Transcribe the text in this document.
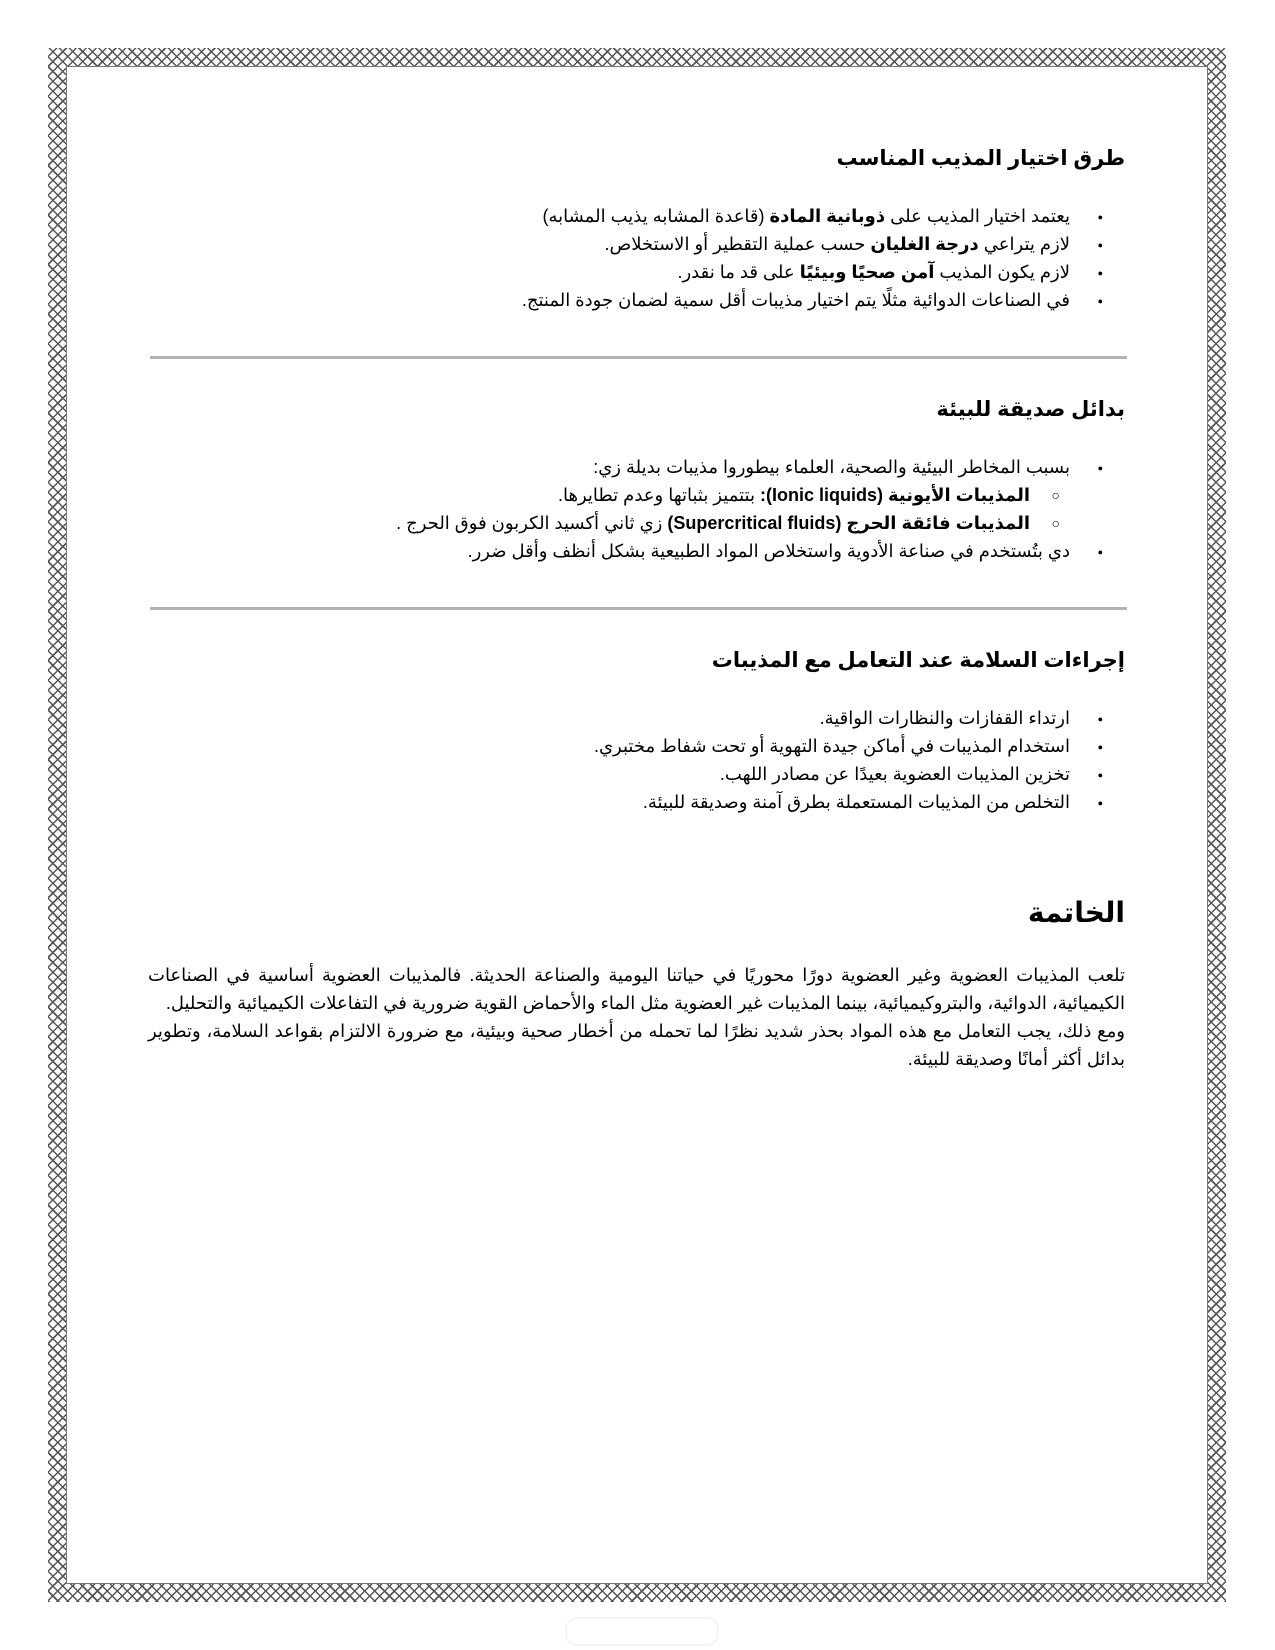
طرق اختيار المذيب المناسب
● يعتمد اختيار المذيب على ذوبانية المادة (قاعدة المشابه يذيب المشابه)
● لازم يتراعي درجة الغليان حسب عملية التقطير أو الاستخلاص.
● لازم يكون المذيب آمن صحيًا وبيئيًا على قد ما نقدر.
● في الصناعات الدوائية مثلًا يتم اختيار مذيبات أقل سمية لضمان جودة المنتج.
بدائل صديقة للبيئة
● بسبب المخاطر البيئية والصحية، العلماء بيطوروا مذيبات بديلة زي:
○ المذيبات الأيونية (Ionic liquids): بتتميز بثباتها وعدم تطايرها.
○ المذيبات فائقة الحرج (Supercritical fluids) زي ثاني أكسيد الكربون فوق الحرج .
● دي بتُستخدم في صناعة الأدوية واستخلاص المواد الطبيعية بشكل أنظف وأقل ضرر.
إجراءات السلامة عند التعامل مع المذيبات
● ارتداء القفازات والنظارات الواقية.
● استخدام المذيبات في أماكن جيدة التهوية أو تحت شفاط مختبري.
● تخزين المذيبات العضوية بعيدًا عن مصادر اللهب.
● التخلص من المذيبات المستعملة بطرق آمنة وصديقة للبيئة.
الخاتمة
تلعب المذيبات العضوية وغير العضوية دورًا محوريًا في حياتنا اليومية والصناعة الحديثة. فالمذيبات العضوية أساسية في الصناعات الكيميائية، الدوائية، والبتروكيميائية، بينما المذيبات غير العضوية مثل الماء والأحماض القوية ضرورية في التفاعلات الكيميائية والتحليل.
ومع ذلك، يجب التعامل مع هذه المواد بحذر شديد نظرًا لما تحمله من أخطار صحية وبيئية، مع ضرورة الالتزام بقواعد السلامة، وتطوير بدائل أكثر أمانًا وصديقة للبيئة.
